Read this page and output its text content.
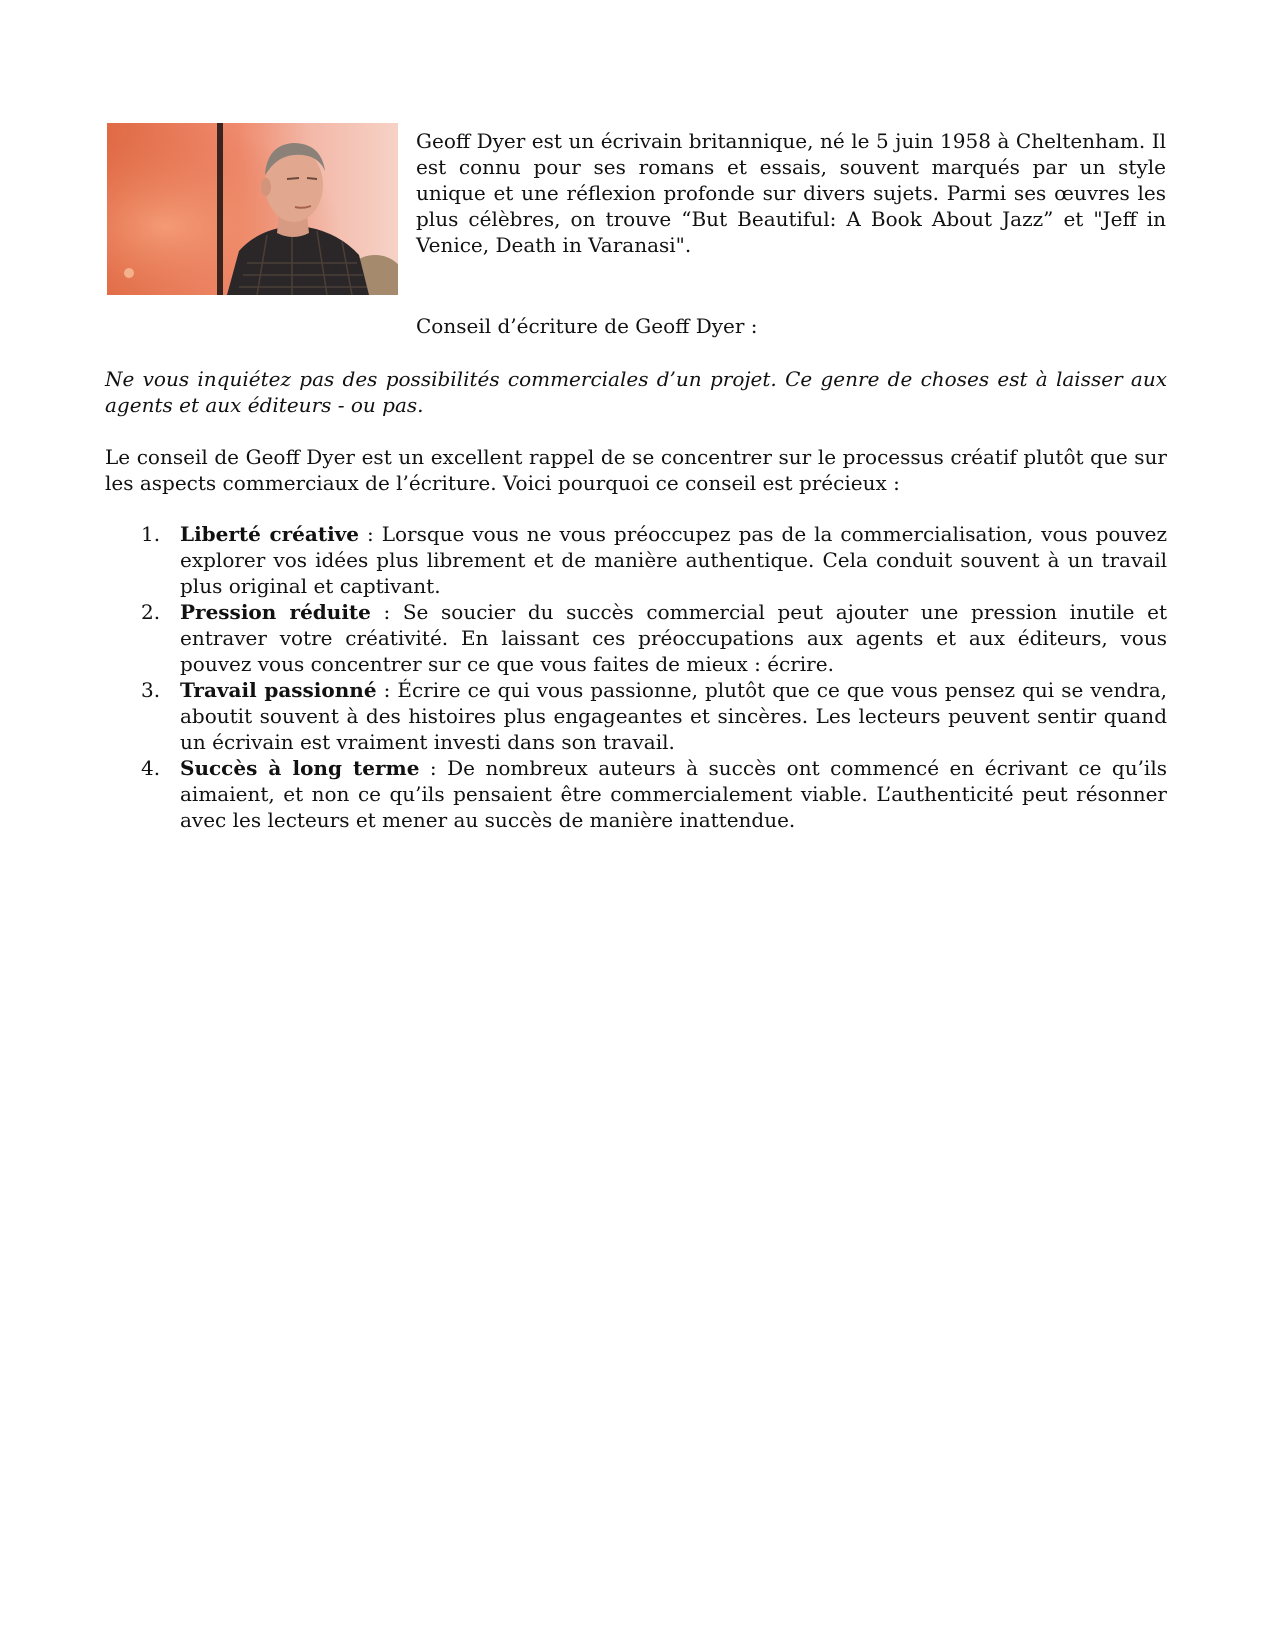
Geoff Dyer est un écrivain britannique, né le 5 juin 1958 à Cheltenham. Il est connu pour ses romans et essais, souvent marqués par un style unique et une réflexion profonde sur divers sujets. Parmi ses œuvres les plus célèbres, on trouve “But Beautiful: A Book About Jazz” et "Jeff in Venice, Death in Varanasi".

Conseil d’écriture de Geoff Dyer :

Ne vous inquiétez pas des possibilités commerciales d’un projet. Ce genre de choses est à laisser aux agents et aux éditeurs - ou pas.

Le conseil de Geoff Dyer est un excellent rappel de se concentrer sur le processus créatif plutôt que sur les aspects commerciaux de l’écriture. Voici pourquoi ce conseil est précieux :

1. Liberté créative : Lorsque vous ne vous préoccupez pas de la commercialisation, vous pouvez explorer vos idées plus librement et de manière authentique. Cela conduit souvent à un travail plus original et captivant.
2. Pression réduite : Se soucier du succès commercial peut ajouter une pression inutile et entraver votre créativité. En laissant ces préoccupations aux agents et aux éditeurs, vous pouvez vous concentrer sur ce que vous faites de mieux : écrire.
3. Travail passionné : Écrire ce qui vous passionne, plutôt que ce que vous pensez qui se vendra, aboutit souvent à des histoires plus engageantes et sincères. Les lecteurs peuvent sentir quand un écrivain est vraiment investi dans son travail.
4. Succès à long terme : De nombreux auteurs à succès ont commencé en écrivant ce qu’ils aimaient, et non ce qu’ils pensaient être commercialement viable. L’authenticité peut résonner avec les lecteurs et mener au succès de manière inattendue.
